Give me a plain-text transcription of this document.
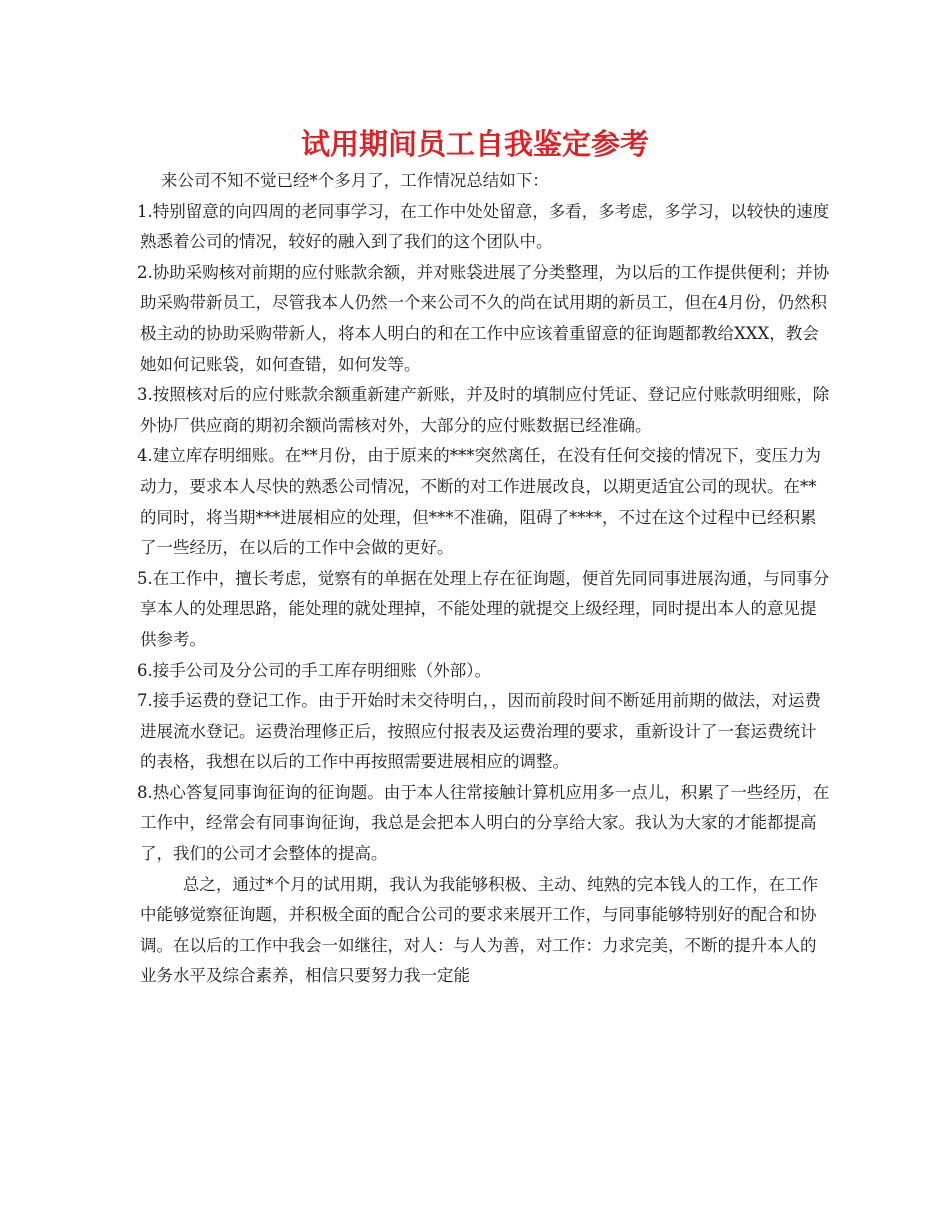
试用期间员工自我鉴定参考

来公司不知不觉已经*个多月了，工作情况总结如下：

1.特别留意的向四周的老同事学习，在工作中处处留意，多看，多考虑，多学习，以较快的速度熟悉着公司的情况，较好的融入到了我们的这个团队中。

2.协助采购核对前期的应付账款余额，并对账袋进展了分类整理，为以后的工作提供便利；并协助采购带新员工，尽管我本人仍然一个来公司不久的尚在试用期的新员工，但在4月份，仍然积极主动的协助采购带新人，将本人明白的和在工作中应该着重留意的征询题都教给XXX，教会她如何记账袋，如何查错，如何发等。

3.按照核对后的应付账款余额重新建产新账，并及时的填制应付凭证、登记应付账款明细账，除外协厂供应商的期初余额尚需核对外，大部分的应付账数据已经准确。

4.建立库存明细账。在**月份，由于原来的***突然离任，在没有任何交接的情况下，变压力为动力，要求本人尽快的熟悉公司情况，不断的对工作进展改良，以期更适宜公司的现状。在**的同时，将当期***进展相应的处理，但***不准确，阻碍了****，不过在这个过程中已经积累了一些经历，在以后的工作中会做的更好。

5.在工作中，擅长考虑，觉察有的单据在处理上存在征询题，便首先同同事进展沟通，与同事分享本人的处理思路，能处理的就处理掉，不能处理的就提交上级经理，同时提出本人的意见提供参考。

6.接手公司及分公司的手工库存明细账（外部）。

7.接手运费的登记工作。由于开始时未交待明白，，因而前段时间不断延用前期的做法，对运费进展流水登记。运费治理修正后，按照应付报表及运费治理的要求，重新设计了一套运费统计的表格，我想在以后的工作中再按照需要进展相应的调整。

8.热心答复同事询征询的征询题。由于本人往常接触计算机应用多一点儿，积累了一些经历，在工作中，经常会有同事询征询，我总是会把本人明白的分享给大家。我认为大家的才能都提高了，我们的公司才会整体的提高。

总之，通过*个月的试用期，我认为我能够积极、主动、纯熟的完本钱人的工作，在工作中能够觉察征询题，并积极全面的配合公司的要求来展开工作，与同事能够特别好的配合和协调。在以后的工作中我会一如继往，对人：与人为善，对工作：力求完美，不断的提升本人的业务水平及综合素养，相信只要努力我一定能
